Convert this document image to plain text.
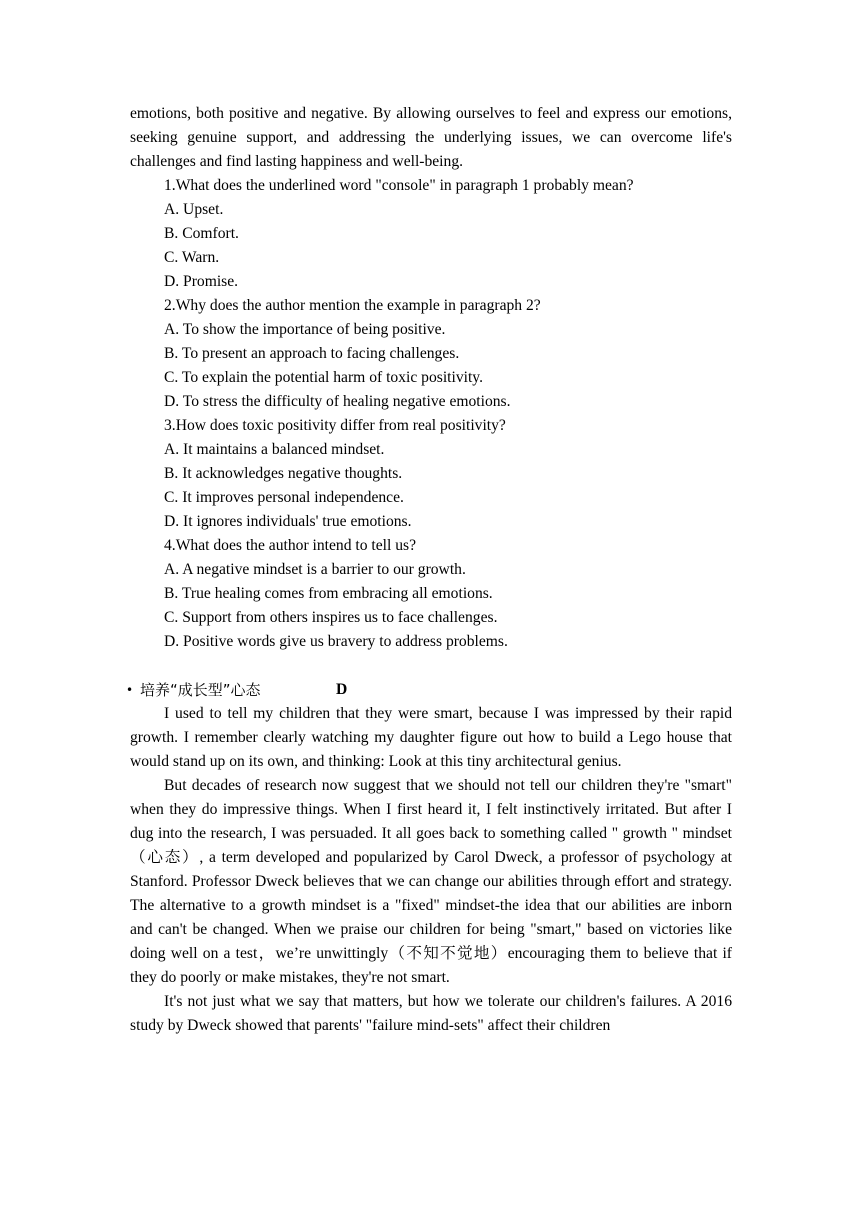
emotions, both positive and negative. By allowing ourselves to feel and express our emotions, seeking genuine support, and addressing the underlying issues, we can overcome life's challenges and find lasting happiness and well-being.

1.What does the underlined word "console" in paragraph 1 probably mean?

A. Upset.

B. Comfort.

C. Warn.

D. Promise.

2.Why does the author mention the example in paragraph 2?

A. To show the importance of being positive.

B. To present an approach to facing challenges.

C. To explain the potential harm of toxic positivity.

D. To stress the difficulty of healing negative emotions.

3.How does toxic positivity differ from real positivity?

A. It maintains a balanced mindset.

B. It acknowledges negative thoughts.

C. It improves personal independence.

D. It ignores individuals' true emotions.

4.What does the author intend to tell us?

A. A negative mindset is a barrier to our growth.

B. True healing comes from embracing all emotions.

C. Support from others inspires us to face challenges.

D. Positive words give us bravery to address problems.

• 培养“成长型”心态	D

I used to tell my children that they were smart, because I was impressed by their rapid growth. I remember clearly watching my daughter figure out how to build a Lego house that would stand up on its own, and thinking: Look at this tiny architectural genius.

But decades of research now suggest that we should not tell our children they're "smart" when they do impressive things. When I first heard it, I felt instinctively irritated. But after I dug into the research, I was persuaded. It all goes back to something called " growth " mindset （心态）, a term developed and popularized by Carol Dweck, a professor of psychology at Stanford. Professor Dweck believes that we can change our abilities through effort and strategy. The alternative to a growth mindset is a "fixed" mindset-the idea that our abilities are inborn and can't be changed. When we praise our children for being "smart," based on victories like doing well on a test，we’re unwittingly（不知不觉地）encouraging them to believe that if they do poorly or make mistakes, they're not smart.

It's not just what we say that matters, but how we tolerate our children's failures. A 2016 study by Dweck showed that parents' "failure mind-sets" affect their children
